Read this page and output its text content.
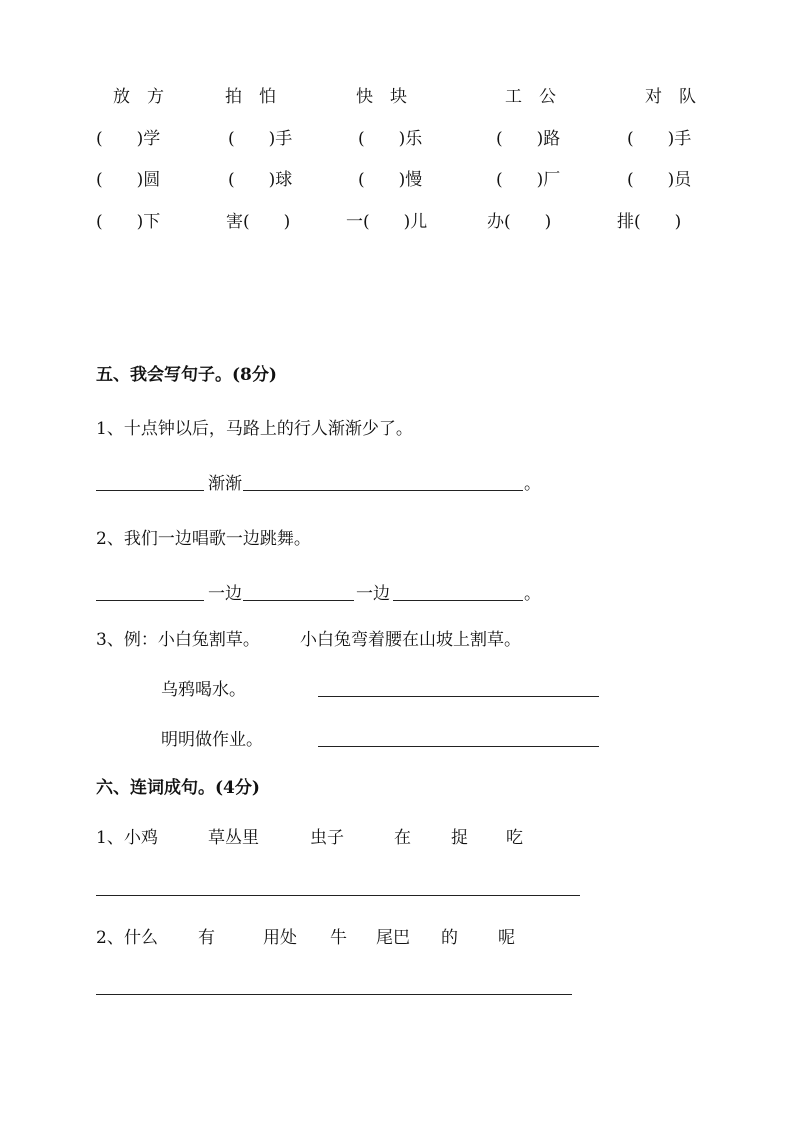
放　方	拍　怕	快　块	工　公	对　队
(　　)学	(　　)手	(　　)乐	(　　)路	(　　)手
(　　)圆	(　　)球	(　　)慢	(　　)厂	(　　)员
(　　)下	害(　　)	一(　　)儿	办(　　)	排(　　)
五、我会写句子。(8分)
1、十点钟以后，马路上的行人渐渐少了。
渐渐	。
2、我们一边唱歌一边跳舞。
一边	一边	。
3、例：小白兔割草。 小白兔弯着腰在山坡上割草。
乌鸦喝水。
明明做作业。
六、连词成句。(4分)
1、 小鸡	草丛里	虫子	在 捉 吃
2、 什么 有	用处 牛 尾巴 的 呢
